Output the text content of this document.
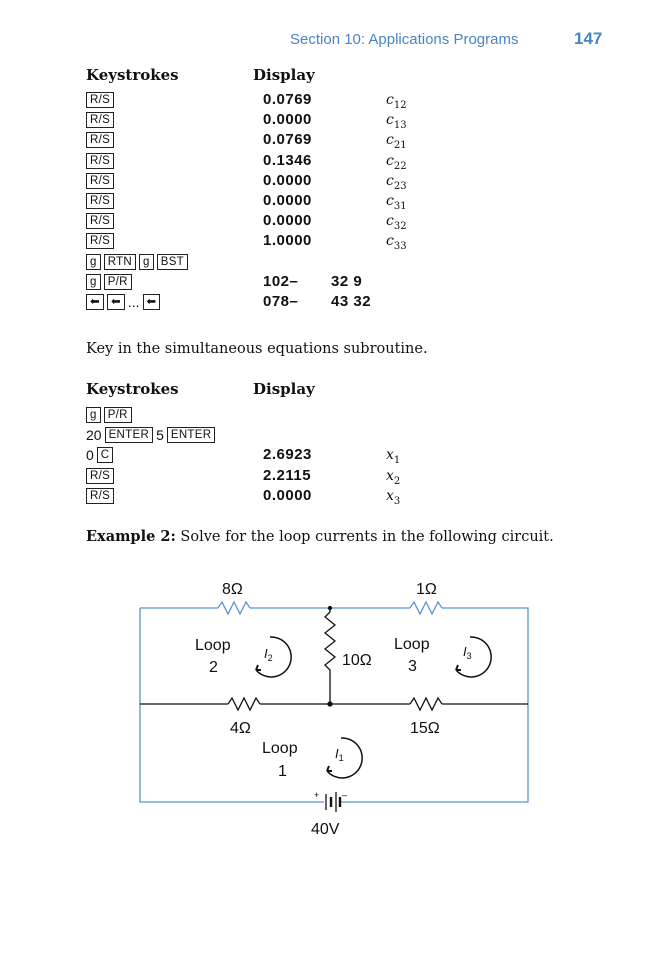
Section 10: Applications Programs	147
Keystrokes	Display
R/S	0.0769	$c_{12}$
R/S	0.0000	$c_{13}$
R/S	0.0769	$c_{21}$
R/S	0.1346	$c_{22}$
R/S	0.0000	$c_{23}$
R/S	0.0000	$c_{31}$
R/S	0.0000	$c_{32}$
R/S	1.0000	$c_{33}$
g RTN g BST
g P/R	102– 32 9
⬅ ⬅ ... ⬅	078– 43 32
Key in the simultaneous equations subroutine.
Keystrokes	Display
g P/R
20 ENTER 5 ENTER
0 C	2.6923	$x_1$
R/S	2.2115	$x_2$
R/S	0.0000	$x_3$
Example 2: Solve for the loop currents in the following circuit.
+	–
8Ω	1Ω
10Ω
4Ω	15Ω
Loop
2
Loop
3
Loop
1
40V
$I_2$	$I_3$
$I_1$
